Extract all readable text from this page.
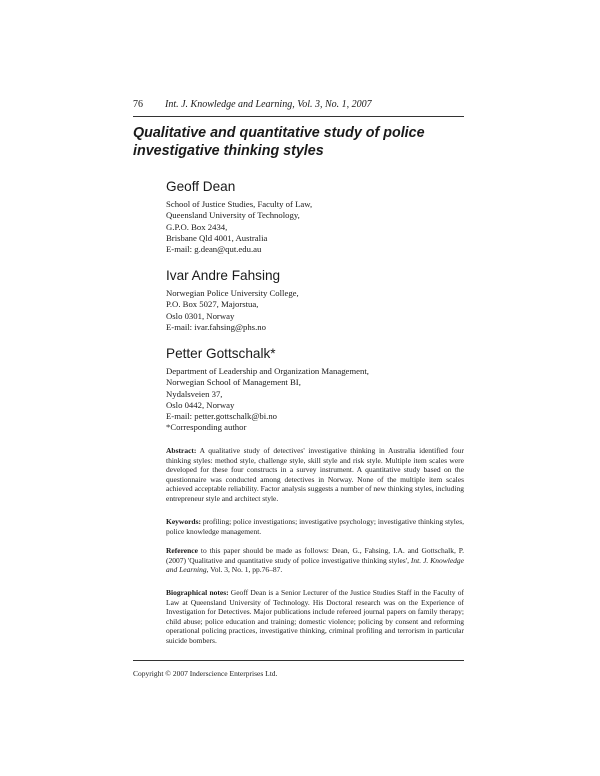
76 Int. J. Knowledge and Learning, Vol. 3, No. 1, 2007
Qualitative and quantitative study of police investigative thinking styles
Geoff Dean
School of Justice Studies, Faculty of Law,
Queensland University of Technology,
G.P.O. Box 2434,
Brisbane Qld 4001, Australia
E-mail: g.dean@qut.edu.au
Ivar Andre Fahsing
Norwegian Police University College,
P.O. Box 5027, Majorstua,
Oslo 0301, Norway
E-mail: ivar.fahsing@phs.no
Petter Gottschalk*
Department of Leadership and Organization Management,
Norwegian School of Management BI,
Nydalsveien 37,
Oslo 0442, Norway
E-mail: petter.gottschalk@bi.no
*Corresponding author

Abstract: A qualitative study of detectives' investigative thinking in Australia identified four thinking styles: method style, challenge style, skill style and risk style. Multiple item scales were developed for these four constructs in a survey instrument. A quantitative study based on the questionnaire was conducted among detectives in Norway. None of the multiple item scales achieved acceptable reliability. Factor analysis suggests a number of new thinking styles, including entrepreneur style and architect style.

Keywords: profiling; police investigations; investigative psychology; investigative thinking styles, police knowledge management.

Reference to this paper should be made as follows: Dean, G., Fahsing, I.A. and Gottschalk, P. (2007) 'Qualitative and quantitative study of police investigative thinking styles', Int. J. Knowledge and Learning, Vol. 3, No. 1, pp.76–87.

Biographical notes: Geoff Dean is a Senior Lecturer of the Justice Studies Staff in the Faculty of Law at Queensland University of Technology. His Doctoral research was on the Experience of Investigation for Detectives. Major publications include refereed journal papers on family therapy; child abuse; police education and training; domestic violence; policing by consent and reforming operational policing practices, investigative thinking, criminal profiling and terrorism in particular suicide bombers.

Copyright © 2007 Inderscience Enterprises Ltd.
